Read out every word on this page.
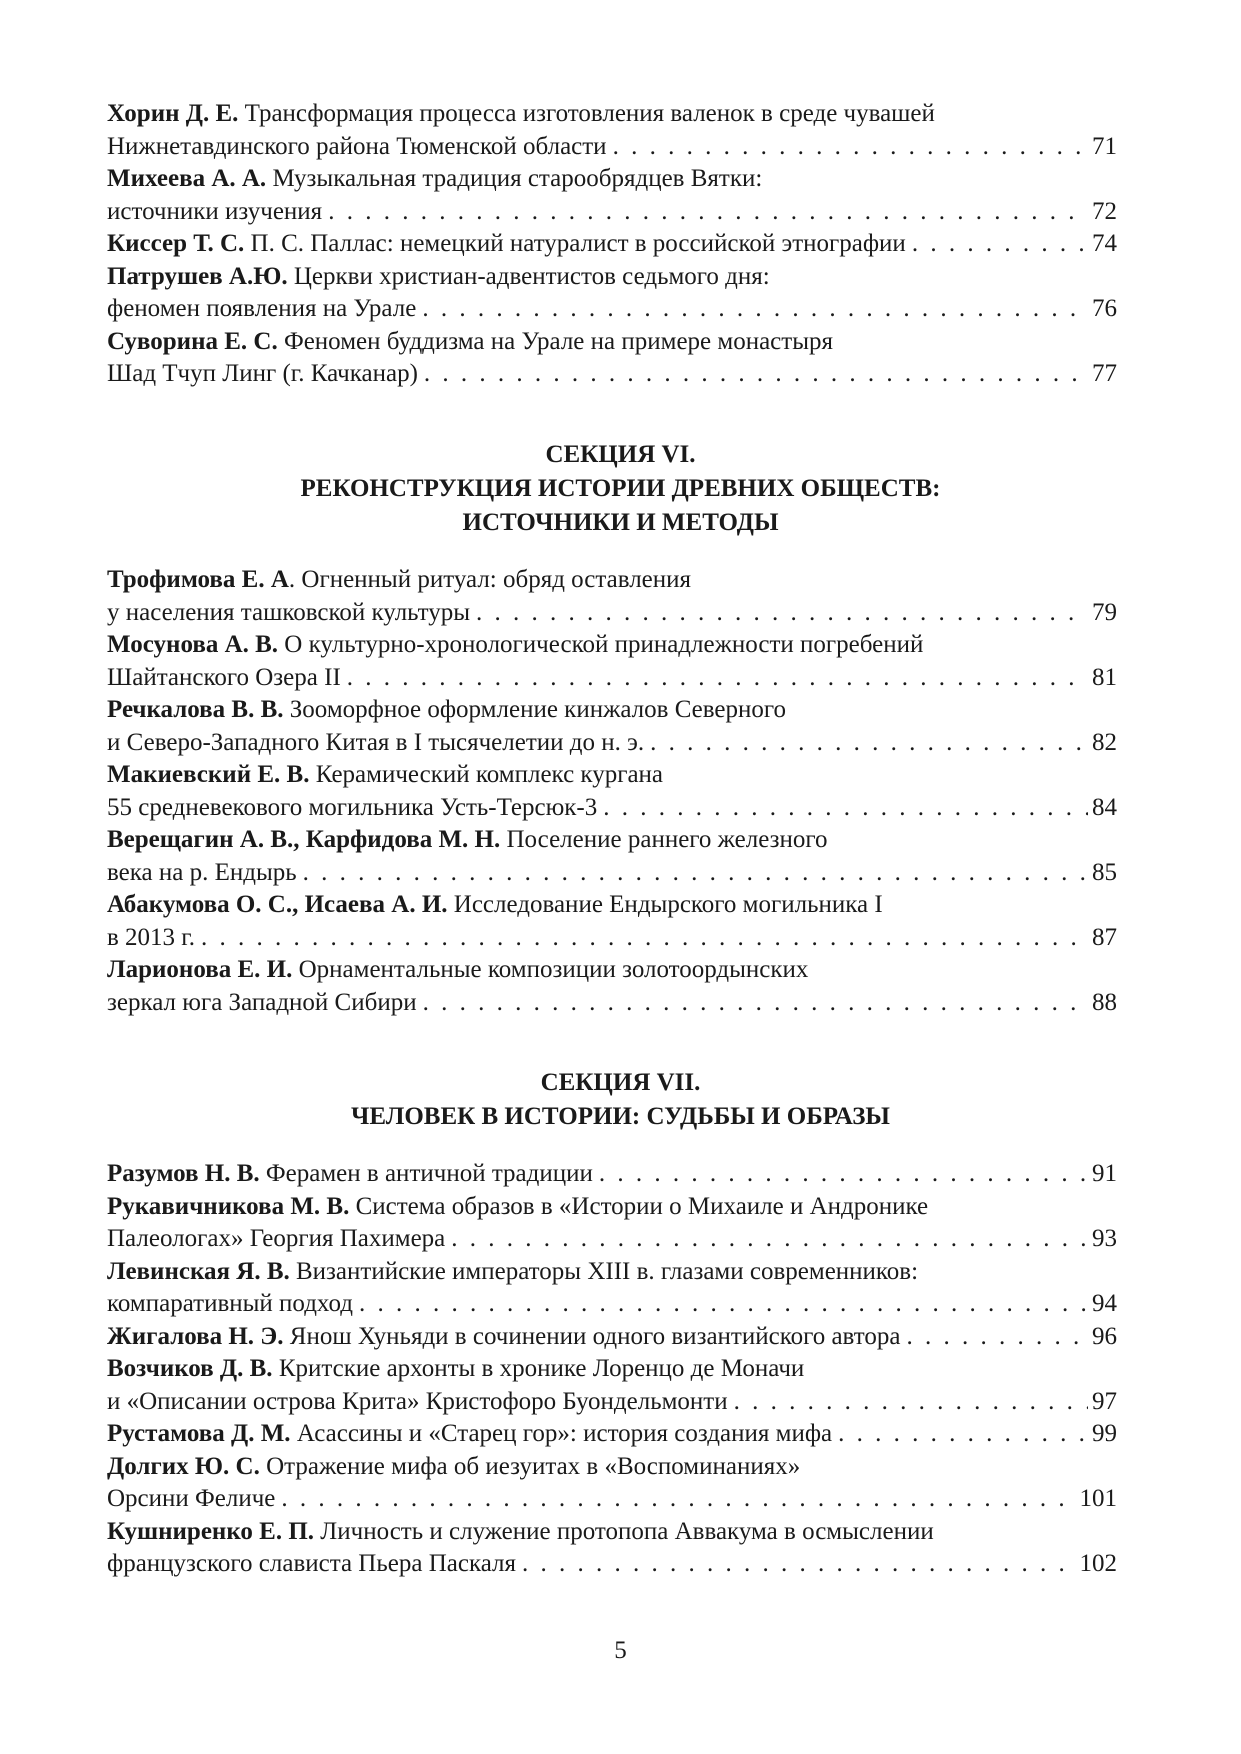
Хорин Д. Е.
Трансформация процесса изготовления валенок в среде чувашей
Нижнетавдинского района Тюменской области . . .	71
Михеева А. А.
Музыкальная традиция старообрядцев Вятки:
источники изучения . . .	72
Киссер Т. С.
П. С. Паллас: немецкий натуралист в российской этнографии . . .	74
Патрушев А.Ю.
Церкви христиан-адвентистов седьмого дня:
феномен появления на Урале . . .	76
Суворина Е. С.
Феномен буддизма на Урале на примере монастыря
Шад Тчуп Линг (г. Качканар) . . .	77
СЕКЦИЯ VI.
РЕКОНСТРУКЦИЯ ИСТОРИИ ДРЕВНИХ ОБЩЕСТВ:
ИСТОЧНИКИ И МЕТОДЫ
Трофимова Е. А . Огненный ритуал: обряд оставления
у населения ташковской культуры . . .	79
Мосунова А. В.
О культурно-хронологической принадлежности погребений
Шайтанского Озера II . . .	81
Речкалова В. В.
Зооморфное оформление кинжалов Северного
и Северо-Западного Китая в I тысячелетии до н. э. . . .	82
Макиевский Е. В. Керамический комплекс кургана
55 средневекового могильника Усть-Терсюк-3 . . .	84
Верещагин А. В., Карфидова М. Н.
Поселение раннего железного
века на р. Ендырь . . .	85
Абакумова О. С., Исаева А. И.
Исследование Ендырского могильника I
в 2013 г. . . .	87
Ларионова Е. И.
Орнаментальные композиции золотоордынских
зеркал юга Западной Сибири . . .	88
СЕКЦИЯ VII.
ЧЕЛОВЕК В ИСТОРИИ: СУДЬБЫ И ОБРАЗЫ
Разумов Н. В.
Ферамен в античной традиции . . .	91
Рукавичникова М. В.
Система образов в «Истории о Михаиле и Андронике
Палеологах» Георгия Пахимера . . .	93
Левинская Я. В.
Византийские императоры XIII в. глазами современников:
компаративный подход . . .	94
Жигалова Н. Э.
Янош Хуньяди в сочинении одного византийского автора . . .	96
Возчиков Д. В.
Критские архонты в хронике Лоренцо де Моначи
и «Описании острова Крита» Кристофоро Буондельмонти . . .	97
Рустамова Д. М.
Асассины и «Старец гор»: история создания мифа . . .	99
Долгих Ю. С.
Отражение мифа об иезуитах в «Воспоминаниях»
Орсини Феличе . . .	101
Кушниренко Е. П.
Личность и служение протопопа Аввакума в осмыслении
французского слависта Пьера Паскаля . . .	102
5
